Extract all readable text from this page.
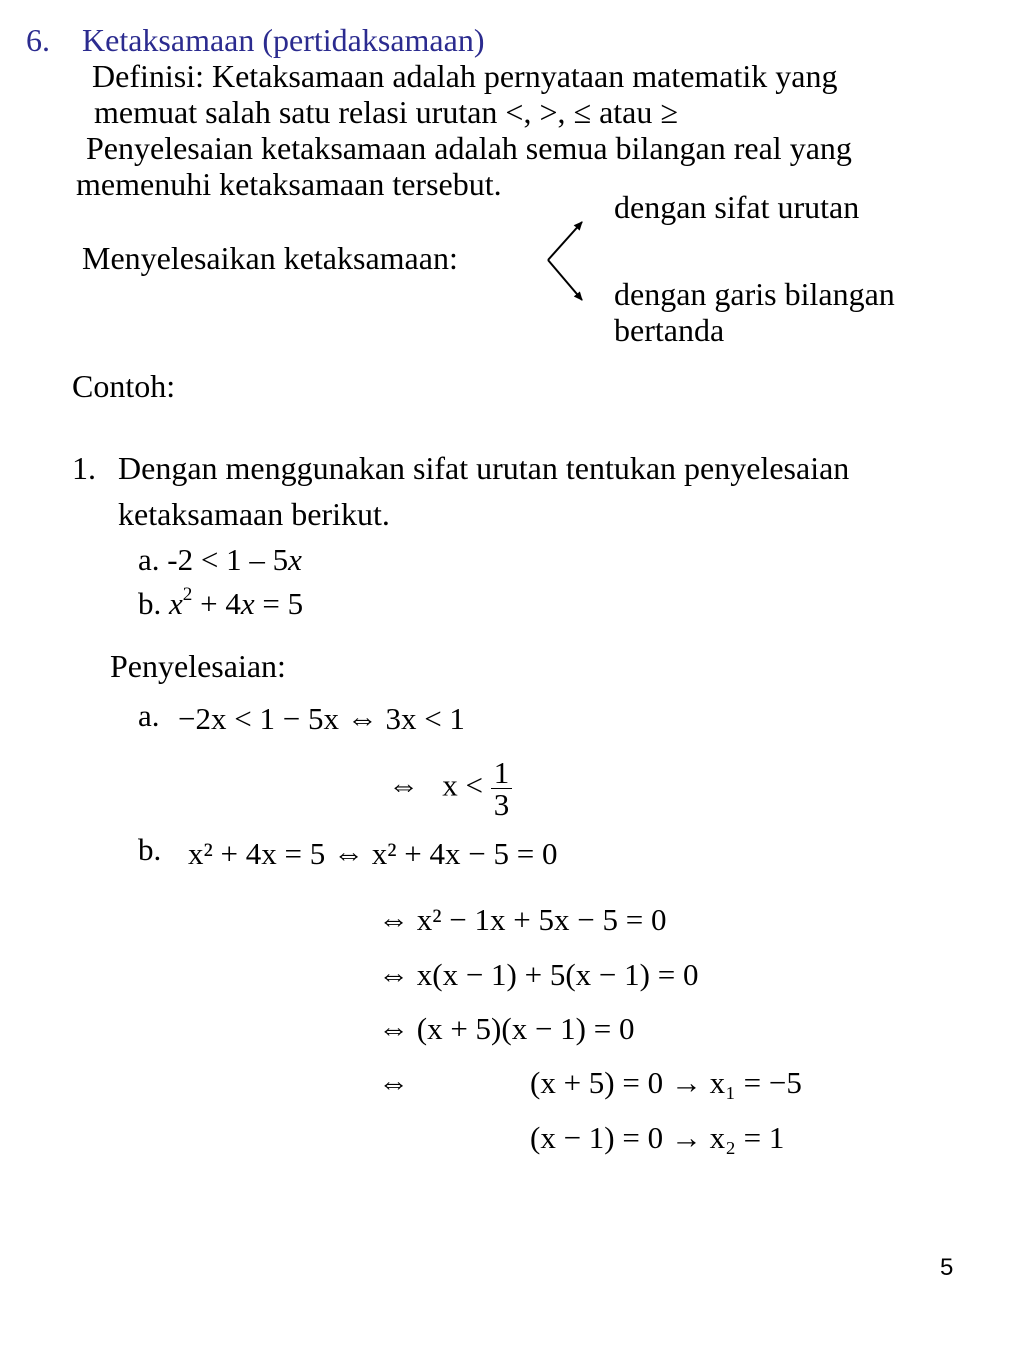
6. Ketaksamaan (pertidaksamaan)
Definisi: Ketaksamaan adalah pernyataan matematik yang
memuat salah satu relasi urutan <, >, ≤ atau ≥
Penyelesaian ketaksamaan adalah semua bilangan real yang
memenuhi ketaksamaan tersebut.
dengan sifat urutan
Menyelesaikan ketaksamaan:
dengan garis bilangan
bertanda
Contoh:
1. Dengan menggunakan sifat urutan tentukan penyelesaian
ketaksamaan berikut.
a. -2 < 1 – 5x
b. $x^2 + 4x = 5$
Penyelesaian:
a. −2x < 1 − 5x ⇔ 3x < 1
⇔ $x < \frac{1}{3}$
b. x² + 4x = 5 ⇔ x² + 4x − 5 = 0
⇔ x² − 1x + 5x − 5 = 0
⇔ x(x − 1) + 5(x − 1) = 0
⇔ (x + 5)(x − 1) = 0
⇔	(x + 5) = 0 → x₁ = −5
(x − 1) = 0 → x₂ = 1
5
